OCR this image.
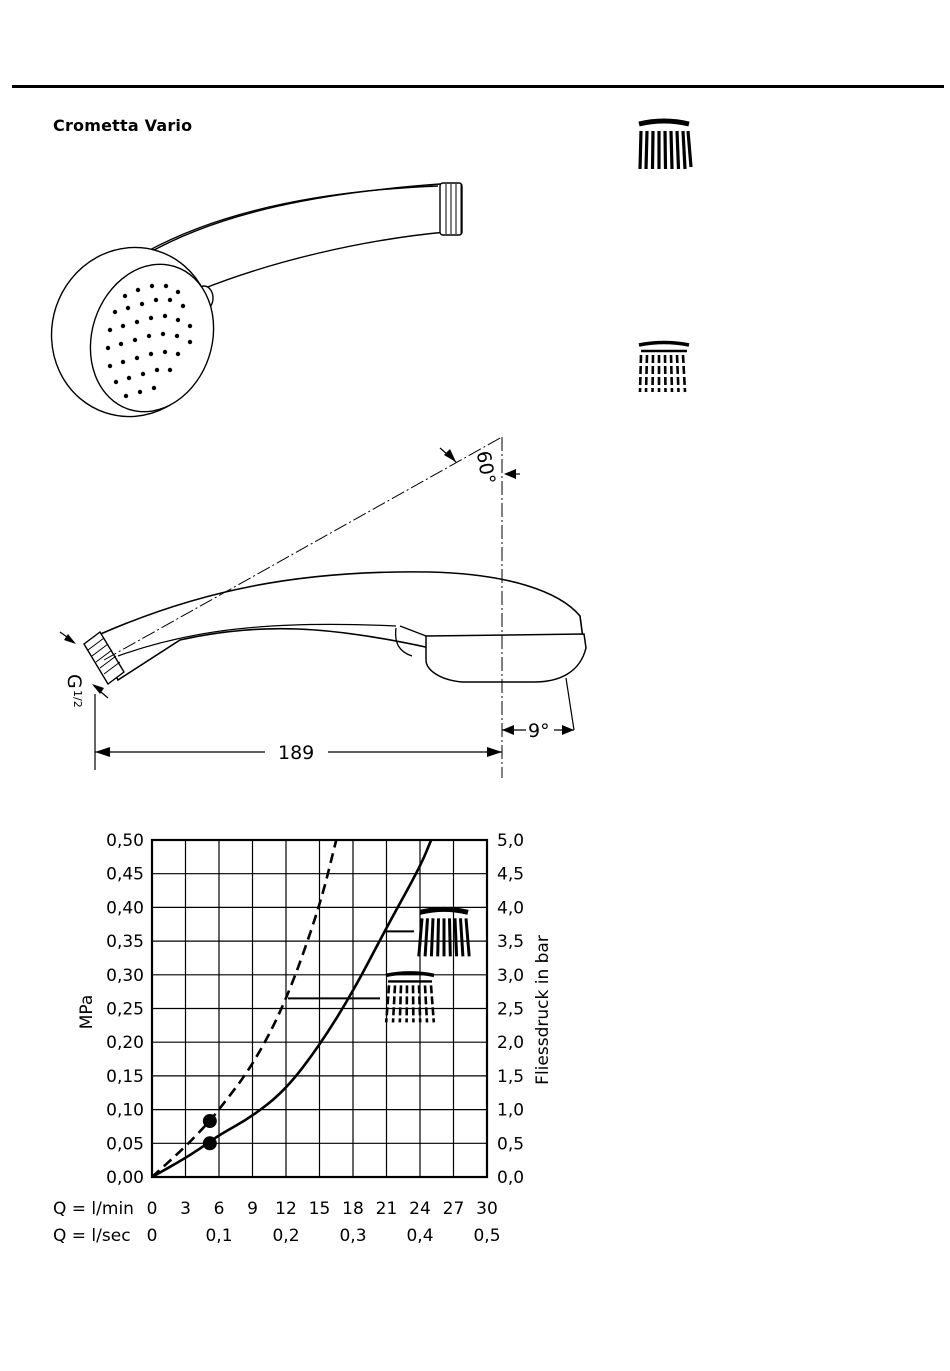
Crometta Vario
60°
9°
189
G
1/2
0,00
0,05
0,10
0,15
0,20
0,25
0,30
0,35
0,40
0,45
0,50
0,0
0,5
1,0
1,5
2,0
2,5
3,0
3,5
4,0
4,5
5,0
0 3 6 9 12 15 18 21 24 27 30
0	0,1 0,2 0,3 0,4 0,5
MPa	Fliessdruck in bar
Q = l/min
Q = l/sec
